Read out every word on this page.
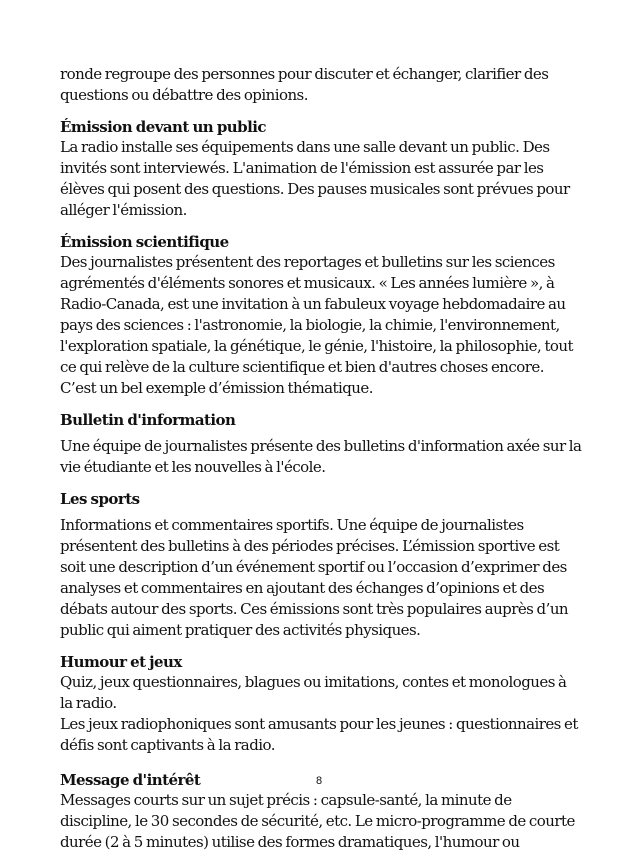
ronde regroupe des personnes pour discuter et échanger, clarifier des questions ou débattre des opinions.

Émission devant un public

La radio installe ses équipements dans une salle devant un public. Des invités sont interviewés. L'animation de l'émission est assurée par les élèves qui posent des questions. Des pauses musicales sont prévues pour alléger l'émission.

Émission scientifique

Des journalistes présentent des reportages et bulletins sur les sciences agrémentés d'éléments sonores et musicaux. « Les années lumière », à Radio-Canada, est une invitation à un fabuleux voyage hebdomadaire au pays des sciences : l'astronomie, la biologie, la chimie, l'environnement, l'exploration spatiale, la génétique, le génie, l'histoire, la philosophie, tout ce qui relève de la culture scientifique et bien d'autres choses encore. C’est un bel exemple d’émission thématique.

Bulletin d'information

Une équipe de journalistes présente des bulletins d'information axée sur la vie étudiante et les nouvelles à l'école.

Les sports

Informations et commentaires sportifs. Une équipe de journalistes présentent des bulletins à des périodes précises. L’émission sportive est soit une description d’un événement sportif ou l’occasion d’exprimer des analyses et commentaires en ajoutant des échanges d’opinions et des débats autour des sports. Ces émissions sont très populaires auprès d’un public qui aiment pratiquer des activités physiques.

Humour et jeux

Quiz, jeux questionnaires, blagues ou imitations, contes et monologues à la radio.

Les jeux radiophoniques sont amusants pour les jeunes : questionnaires et défis sont captivants à la radio.

Message d'intérêt

Messages courts sur un sujet précis : capsule-santé, la minute de discipline, le 30 secondes de sécurité, etc. Le micro-programme de courte durée (2 à 5 minutes) utilise des formes dramatiques, l'humour ou

8
